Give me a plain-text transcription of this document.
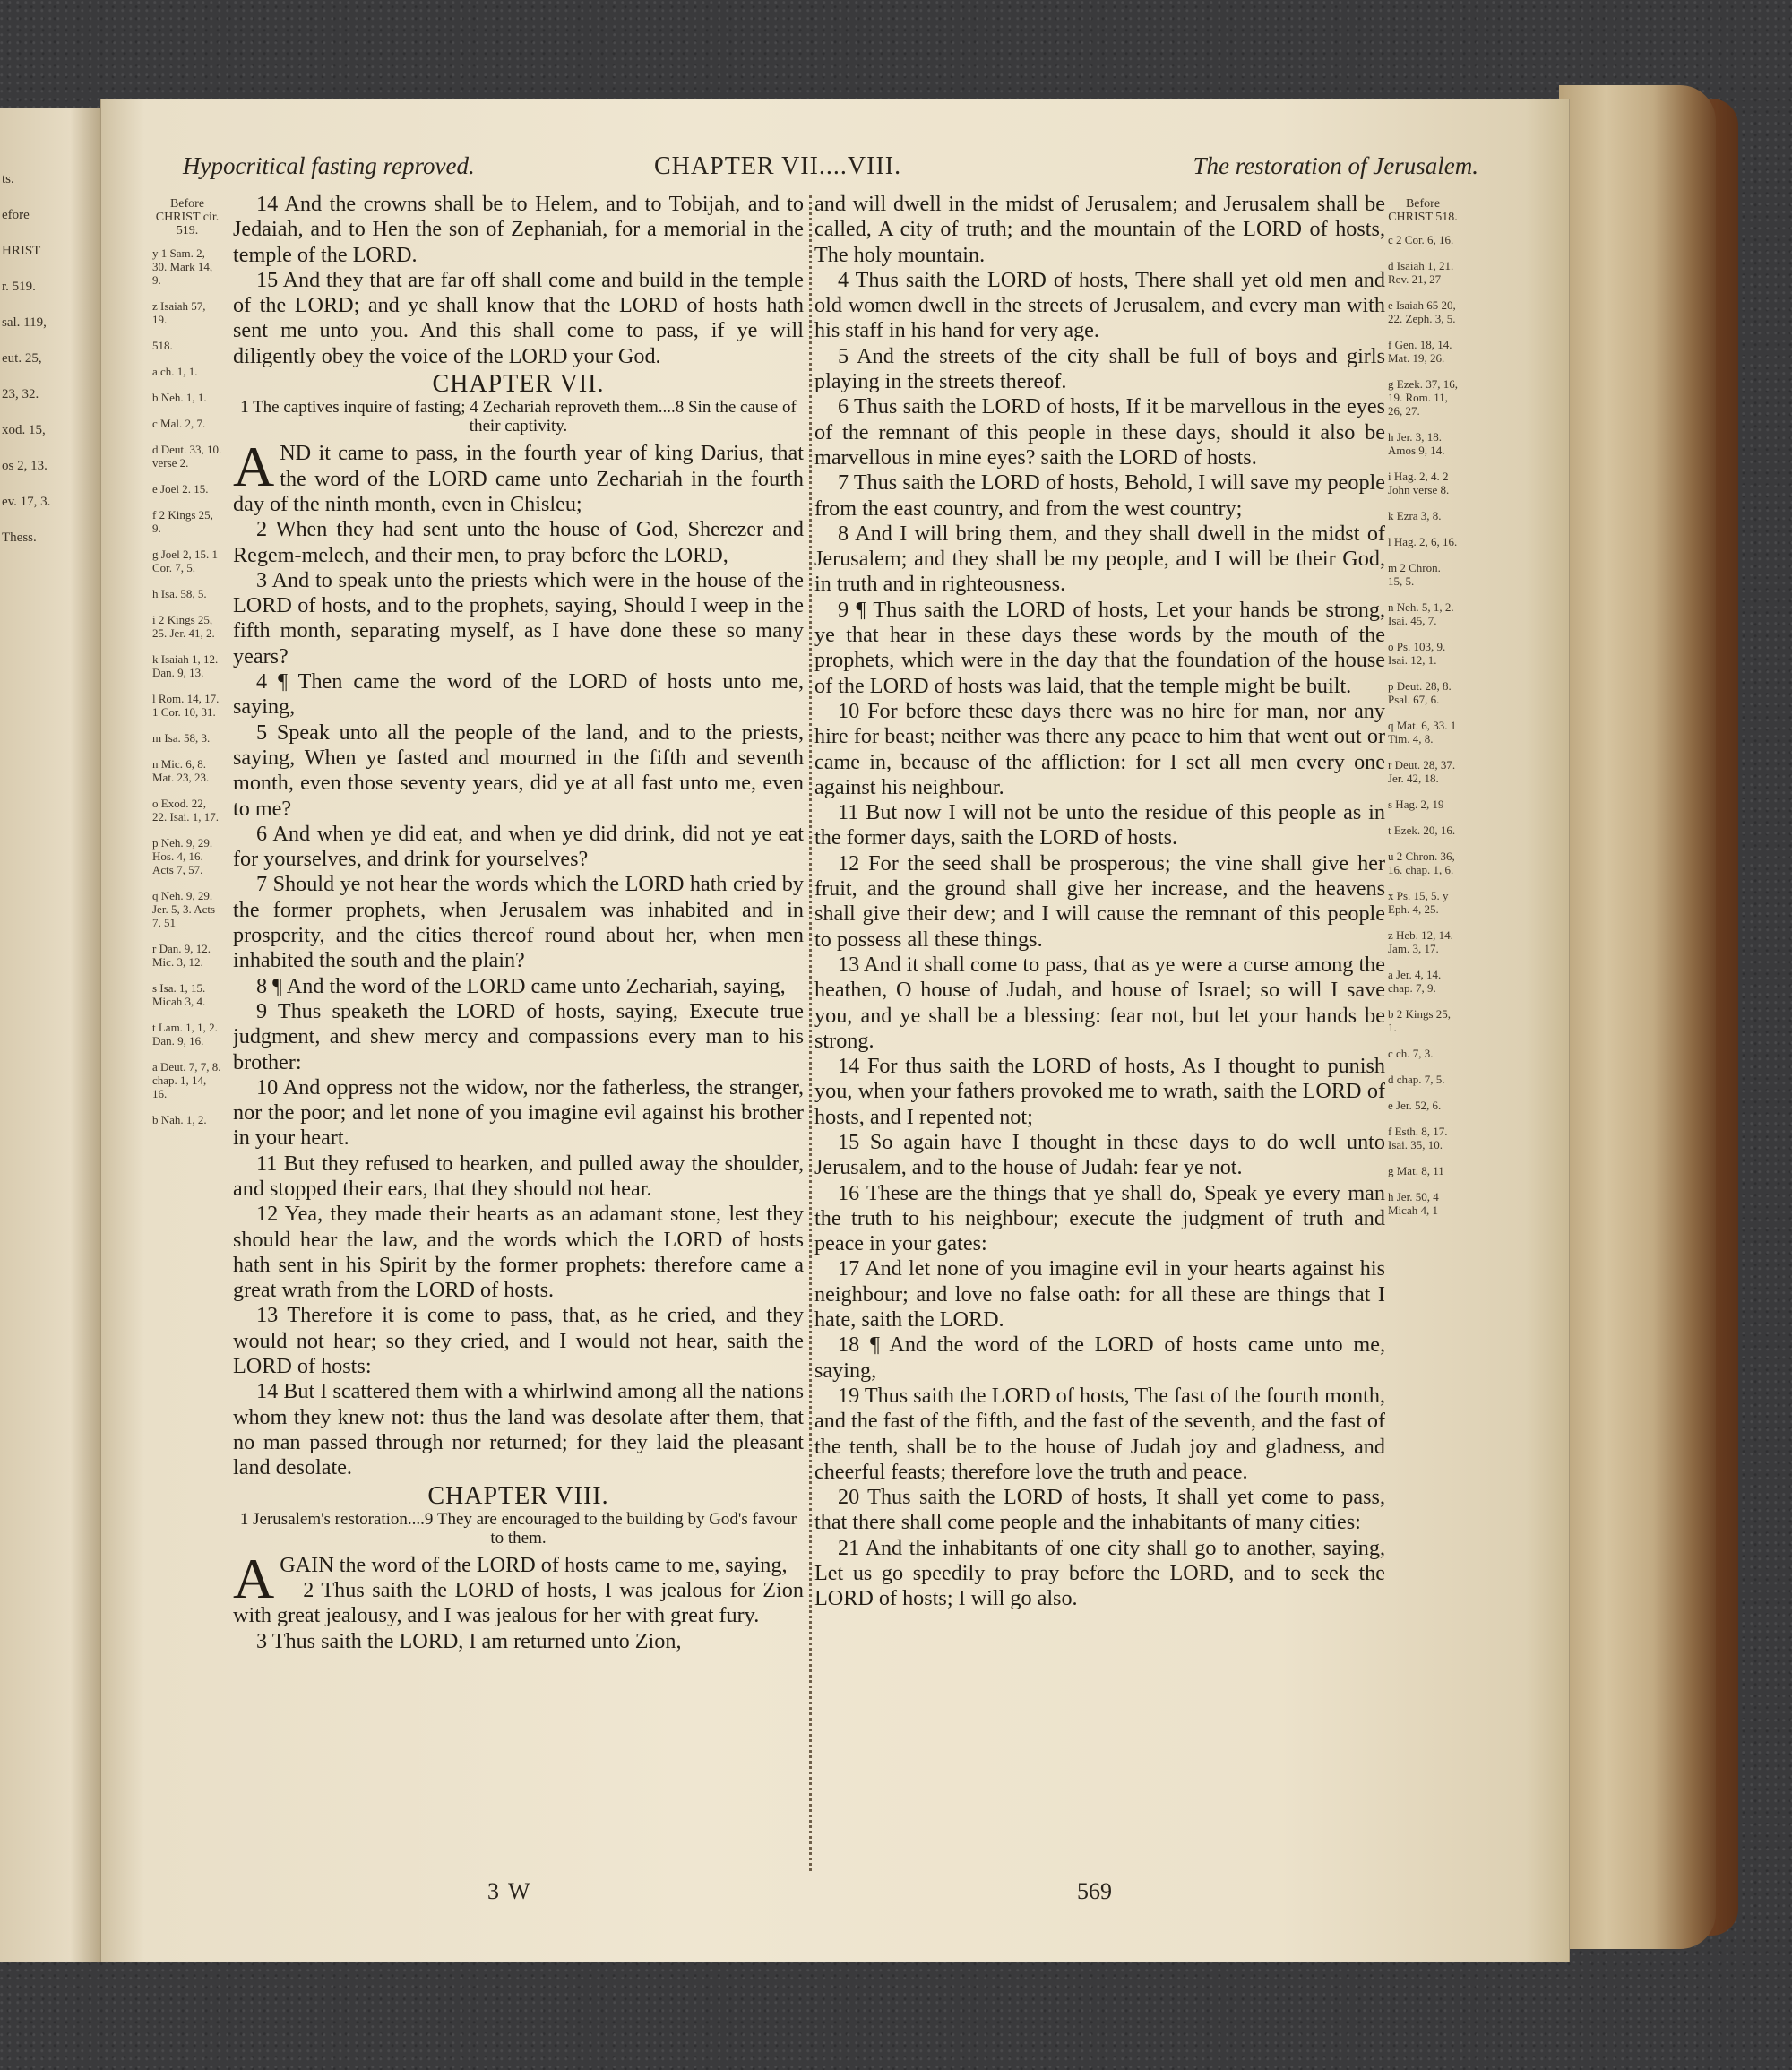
ts.
efore
HRIST
r. 519.
sal. 119,
eut. 25,
23, 32.
xod. 15,
os 2, 13.
ev. 17, 3.
Thess.
Hypocritical fasting reproved.	CHAPTER VII....VIII.	The restoration of Jerusalem.
Before CHRIST cir. 519.
y 1 Sam. 2, 30. Mark 14, 9.
z Isaiah 57, 19.
518.
a ch. 1, 1.
b Neh. 1, 1.
c Mal. 2, 7.
d Deut. 33, 10. verse 2.
e Joel 2. 15.
f 2 Kings 25, 9.
g Joel 2, 15. 1 Cor. 7, 5.
h Isa. 58, 5.
i 2 Kings 25, 25. Jer. 41, 2.
k Isaiah 1, 12. Dan. 9, 13.
l Rom. 14, 17. 1 Cor. 10, 31.
m Isa. 58, 3.
n Mic. 6, 8. Mat. 23, 23.
o Exod. 22, 22. Isai. 1, 17.
p Neh. 9, 29. Hos. 4, 16. Acts 7, 57.
q Neh. 9, 29. Jer. 5, 3. Acts 7, 51
r Dan. 9, 12. Mic. 3, 12.
s Isa. 1, 15. Micah 3, 4.
t Lam. 1, 1, 2. Dan. 9, 16.
a Deut. 7, 7, 8. chap. 1, 14, 16.
b Nah. 1, 2.

14 And the crowns shall be to Helem, and to Tobijah, and to Jedaiah, and to Hen the son of Zephaniah, for a memorial in the temple of the LORD.

15 And they that are far off shall come and build in the temple of the LORD; and ye shall know that the LORD of hosts hath sent me unto you. And this shall come to pass, if ye will diligently obey the voice of the LORD your God.

CHAPTER VII.
1 The captives inquire of fasting; 4 Zechariah reproveth them....8 Sin the cause of their captivity.

AND it came to pass, in the fourth year of king Darius, that the word of the LORD came unto Zechariah in the fourth day of the ninth month, even in Chisleu;

2 When they had sent unto the house of God, Sherezer and Regem-melech, and their men, to pray before the LORD,

3 And to speak unto the priests which were in the house of the LORD of hosts, and to the prophets, saying, Should I weep in the fifth month, separating myself, as I have done these so many years?

4 ¶ Then came the word of the LORD of hosts unto me, saying,

5 Speak unto all the people of the land, and to the priests, saying, When ye fasted and mourned in the fifth and seventh month, even those seventy years, did ye at all fast unto me, even to me?

6 And when ye did eat, and when ye did drink, did not ye eat for yourselves, and drink for yourselves?

7 Should ye not hear the words which the LORD hath cried by the former prophets, when Jerusalem was inhabited and in prosperity, and the cities thereof round about her, when men inhabited the south and the plain?

8 ¶ And the word of the LORD came unto Zechariah, saying,

9 Thus speaketh the LORD of hosts, saying, Execute true judgment, and shew mercy and compassions every man to his brother:

10 And oppress not the widow, nor the fatherless, the stranger, nor the poor; and let none of you imagine evil against his brother in your heart.

11 But they refused to hearken, and pulled away the shoulder, and stopped their ears, that they should not hear.

12 Yea, they made their hearts as an adamant stone, lest they should hear the law, and the words which the LORD of hosts hath sent in his Spirit by the former prophets: therefore came a great wrath from the LORD of hosts.

13 Therefore it is come to pass, that, as he cried, and they would not hear; so they cried, and I would not hear, saith the LORD of hosts:

14 But I scattered them with a whirlwind among all the nations whom they knew not: thus the land was desolate after them, that no man passed through nor returned; for they laid the pleasant land desolate.

CHAPTER VIII.
1 Jerusalem's restoration....9 They are encouraged to the building by God's favour to them.

AGAIN the word of the LORD of hosts came to me, saying,

2 Thus saith the LORD of hosts, I was jealous for Zion with great jealousy, and I was jealous for her with great fury.

3 Thus saith the LORD, I am returned unto Zion,

and will dwell in the midst of Jerusalem; and Jerusalem shall be called, A city of truth; and the mountain of the LORD of hosts, The holy mountain.

4 Thus saith the LORD of hosts, There shall yet old men and old women dwell in the streets of Jerusalem, and every man with his staff in his hand for very age.

5 And the streets of the city shall be full of boys and girls playing in the streets thereof.

6 Thus saith the LORD of hosts, If it be marvellous in the eyes of the remnant of this people in these days, should it also be marvellous in mine eyes? saith the LORD of hosts.

7 Thus saith the LORD of hosts, Behold, I will save my people from the east country, and from the west country;

8 And I will bring them, and they shall dwell in the midst of Jerusalem; and they shall be my people, and I will be their God, in truth and in righteousness.

9 ¶ Thus saith the LORD of hosts, Let your hands be strong, ye that hear in these days these words by the mouth of the prophets, which were in the day that the foundation of the house of the LORD of hosts was laid, that the temple might be built.

10 For before these days there was no hire for man, nor any hire for beast; neither was there any peace to him that went out or came in, because of the affliction: for I set all men every one against his neighbour.

11 But now I will not be unto the residue of this people as in the former days, saith the LORD of hosts.

12 For the seed shall be prosperous; the vine shall give her fruit, and the ground shall give her increase, and the heavens shall give their dew; and I will cause the remnant of this people to possess all these things.

13 And it shall come to pass, that as ye were a curse among the heathen, O house of Judah, and house of Israel; so will I save you, and ye shall be a blessing: fear not, but let your hands be strong.

14 For thus saith the LORD of hosts, As I thought to punish you, when your fathers provoked me to wrath, saith the LORD of hosts, and I repented not;

15 So again have I thought in these days to do well unto Jerusalem, and to the house of Judah: fear ye not.

16 These are the things that ye shall do, Speak ye every man the truth to his neighbour; execute the judgment of truth and peace in your gates:

17 And let none of you imagine evil in your hearts against his neighbour; and love no false oath: for all these are things that I hate, saith the LORD.

18 ¶ And the word of the LORD of hosts came unto me, saying,

19 Thus saith the LORD of hosts, The fast of the fourth month, and the fast of the fifth, and the fast of the seventh, and the fast of the tenth, shall be to the house of Judah joy and gladness, and cheerful feasts; therefore love the truth and peace.

20 Thus saith the LORD of hosts, It shall yet come to pass, that there shall come people and the inhabitants of many cities:

21 And the inhabitants of one city shall go to another, saying, Let us go speedily to pray before the LORD, and to seek the LORD of hosts; I will go also.

Before CHRIST 518.
c 2 Cor. 6, 16.
d Isaiah 1, 21. Rev. 21, 27
e Isaiah 65 20, 22. Zeph. 3, 5.
f Gen. 18, 14. Mat. 19, 26.
g Ezek. 37, 16, 19. Rom. 11, 26, 27.
h Jer. 3, 18. Amos 9, 14.
i Hag. 2, 4. 2 John verse 8.
k Ezra 3, 8.
l Hag. 2, 6, 16.
m 2 Chron. 15, 5.
n Neh. 5, 1, 2. Isai. 45, 7.
o Ps. 103, 9. Isai. 12, 1.
p Deut. 28, 8. Psal. 67, 6.
q Mat. 6, 33. 1 Tim. 4, 8.
r Deut. 28, 37. Jer. 42, 18.
s Hag. 2, 19
t Ezek. 20, 16.
u 2 Chron. 36, 16. chap. 1, 6.
x Ps. 15, 5. y Eph. 4, 25.
z Heb. 12, 14. Jam. 3, 17.
a Jer. 4, 14. chap. 7, 9.
b 2 Kings 25, 1.
c ch. 7, 3.
d chap. 7, 5.
e Jer. 52, 6.
f Esth. 8, 17. Isai. 35, 10.
g Mat. 8, 11
h Jer. 50, 4 Micah 4, 1
3 W	569
